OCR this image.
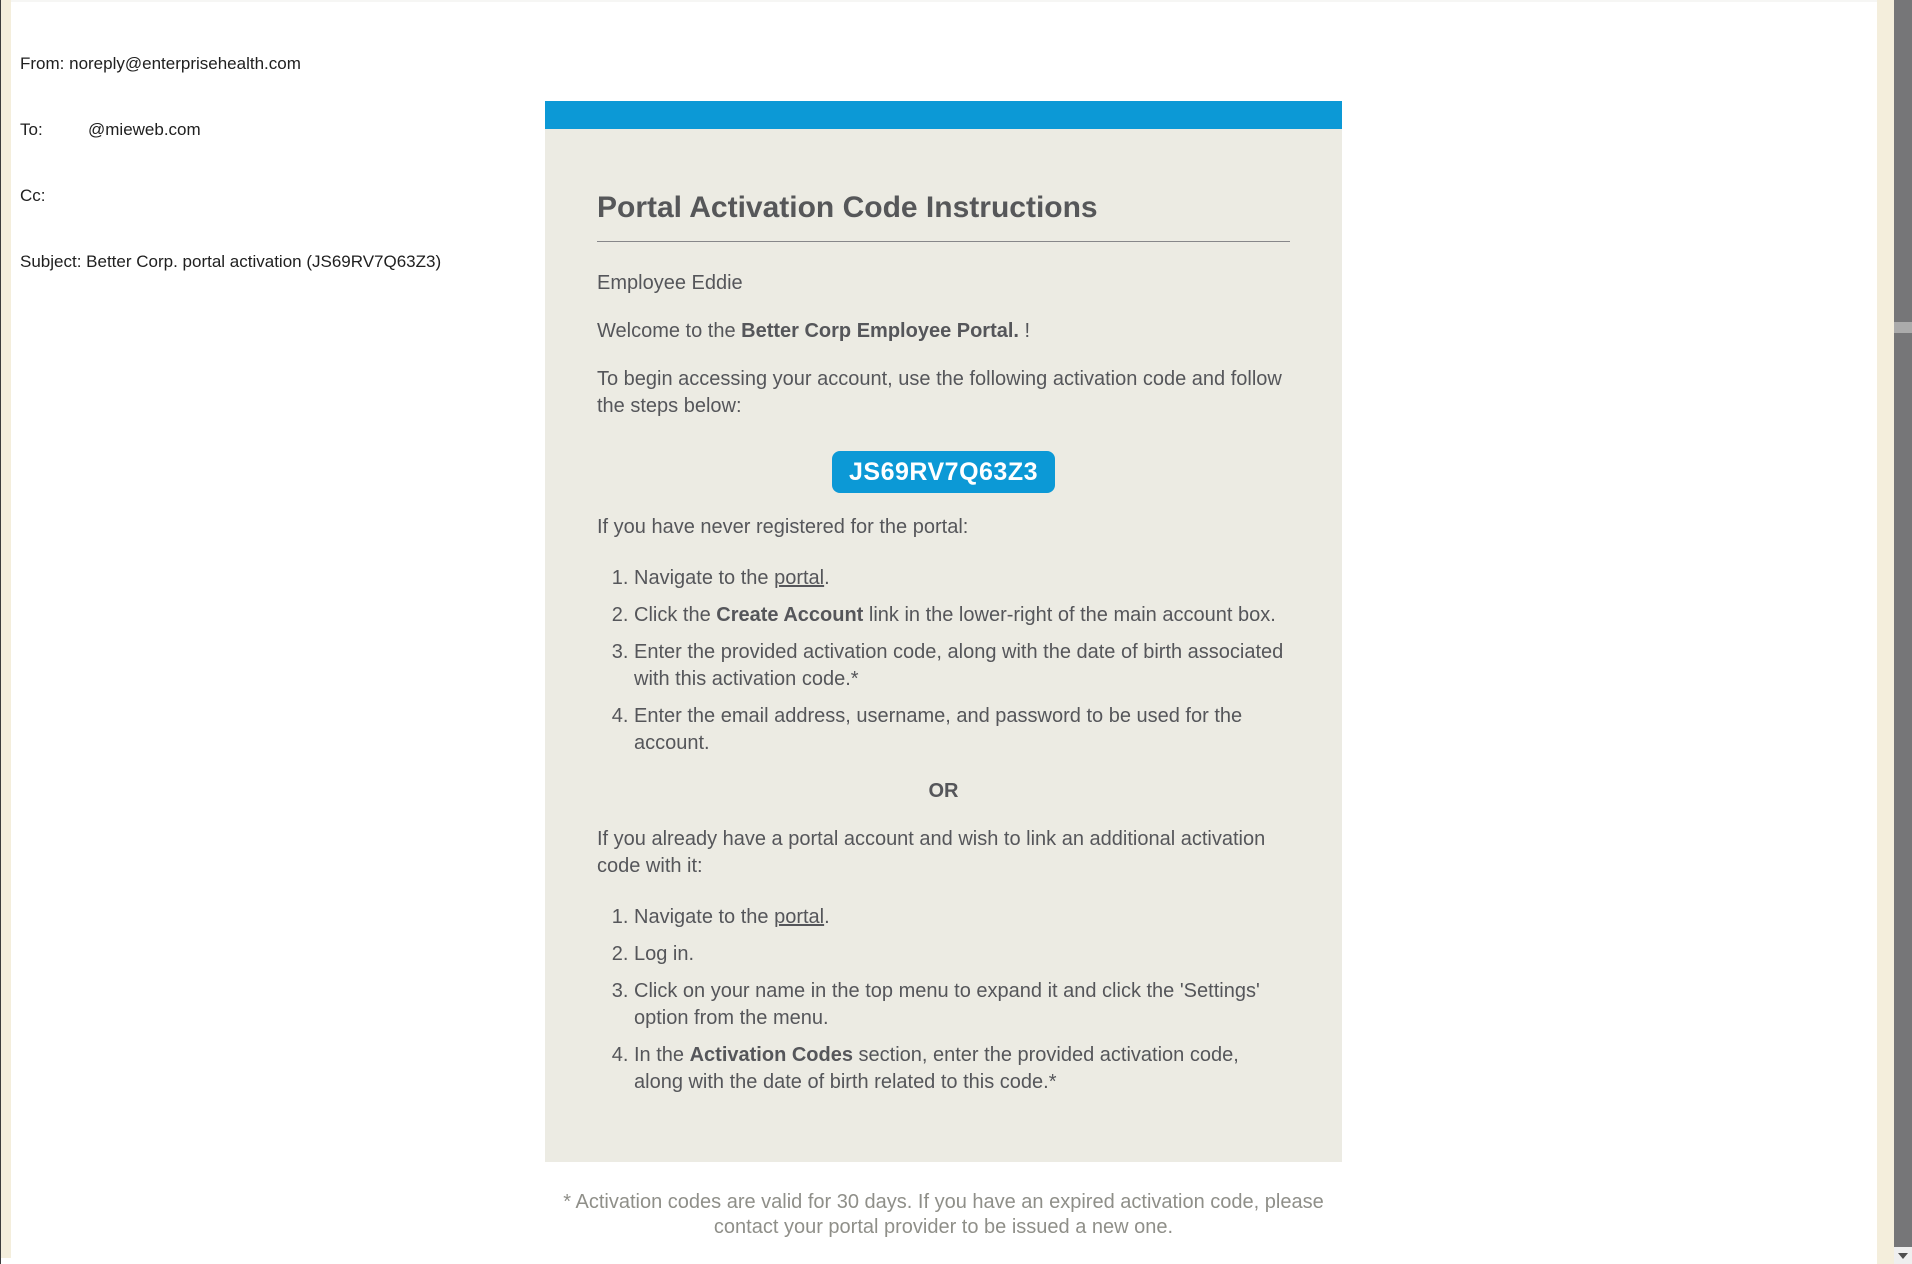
From: noreply@enterprisehealth.com

To:	@mieweb.com

Cc:

Subject: Better Corp. portal activation (JS69RV7Q63Z3)

Portal Activation Code Instructions

Employee Eddie

Welcome to the Better Corp Employee Portal. !

To begin accessing your account, use the following activation code and follow the steps below:

JS69RV7Q63Z3

If you have never registered for the portal:

1. Navigate to the portal.
2. Click the Create Account link in the lower-right of the main account box.
3. Enter the provided activation code, along with the date of birth associated with this activation code.*
4. Enter the email address, username, and password to be used for the account.

OR

If you already have a portal account and wish to link an additional activation code with it:

1. Navigate to the portal.
2. Log in.
3. Click on your name in the top menu to expand it and click the 'Settings' option from the menu.
4. In the Activation Codes section, enter the provided activation code, along with the date of birth related to this code.*
* Activation codes are valid for 30 days. If you have an expired activation code, please contact your portal provider to be issued a new one.
